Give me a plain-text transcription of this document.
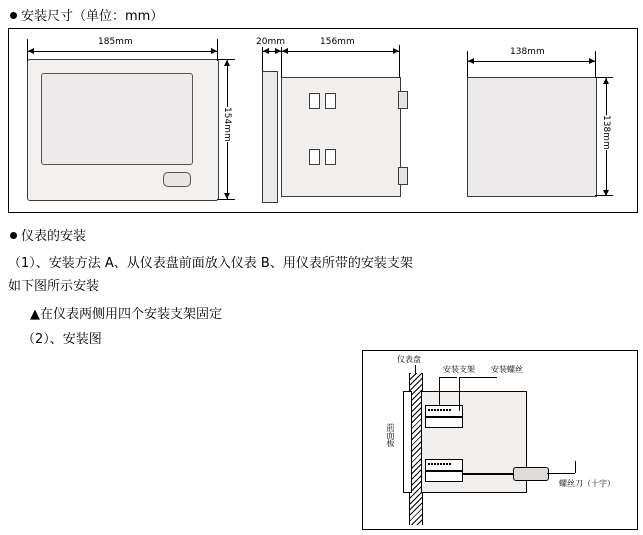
安装尺寸（单位：mm）
185mm
154mm
20mm	156mm
138mm
138mm
仪表的安装
（1）、安装方法 A、从仪表盘前面放入仪表 B、用仪表所带的安装支架
如下图所示安装
▲在仪表两侧用四个安装支架固定
（2）、安装图
仪表盘
安装支架 安装螺丝
前面板
螺丝刀（十字）
